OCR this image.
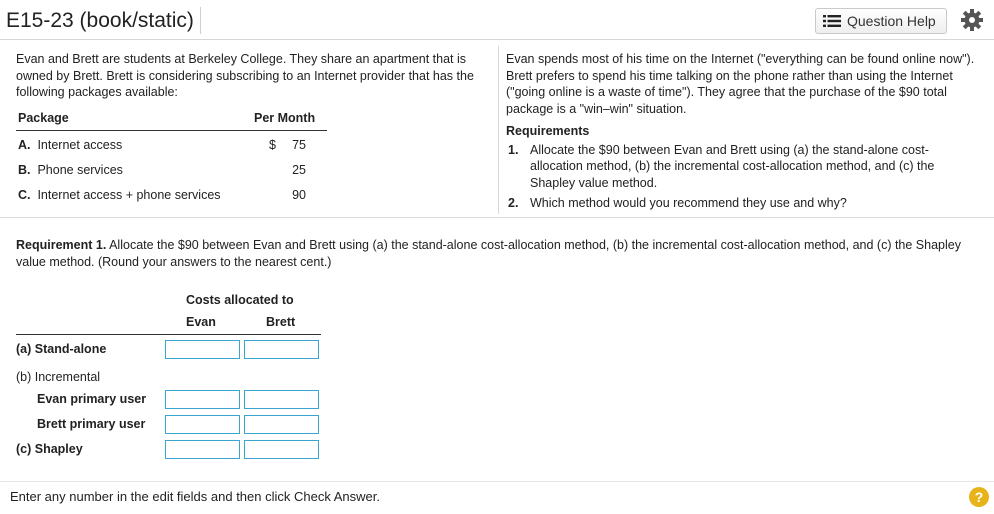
E15-23 (book/static)	Question Help
Evan and Brett are students at Berkeley College. They share an apartment that is owned by Brett. Brett is considering subscribing to an Internet provider that has the following packages available:
Package	Per Month
A. Internet access	$ 75
B. Phone services	25
C. Internet access + phone services	90
Evan spends most of his time on the Internet ("everything can be found online now"). Brett prefers to spend his time talking on the phone rather than using the Internet ("going online is a waste of time"). They agree that the purchase of the $90 total package is a "win–win" situation.
Requirements
1. Allocate the $90 between Evan and Brett using (a) the stand-alone cost-allocation method, (b) the incremental cost-allocation method, and (c) the Shapley value method.
2. Which method would you recommend they use and why?
Requirement 1. Allocate the $90 between Evan and Brett using (a) the stand-alone cost-allocation method, (b) the incremental cost-allocation method, and (c) the Shapley value method. (Round your answers to the nearest cent.)
Costs allocated to
Evan	Brett
(a) Stand-alone
(b) Incremental
Evan primary user
Brett primary user
(c) Shapley
Enter any number in the edit fields and then click Check Answer.	?
